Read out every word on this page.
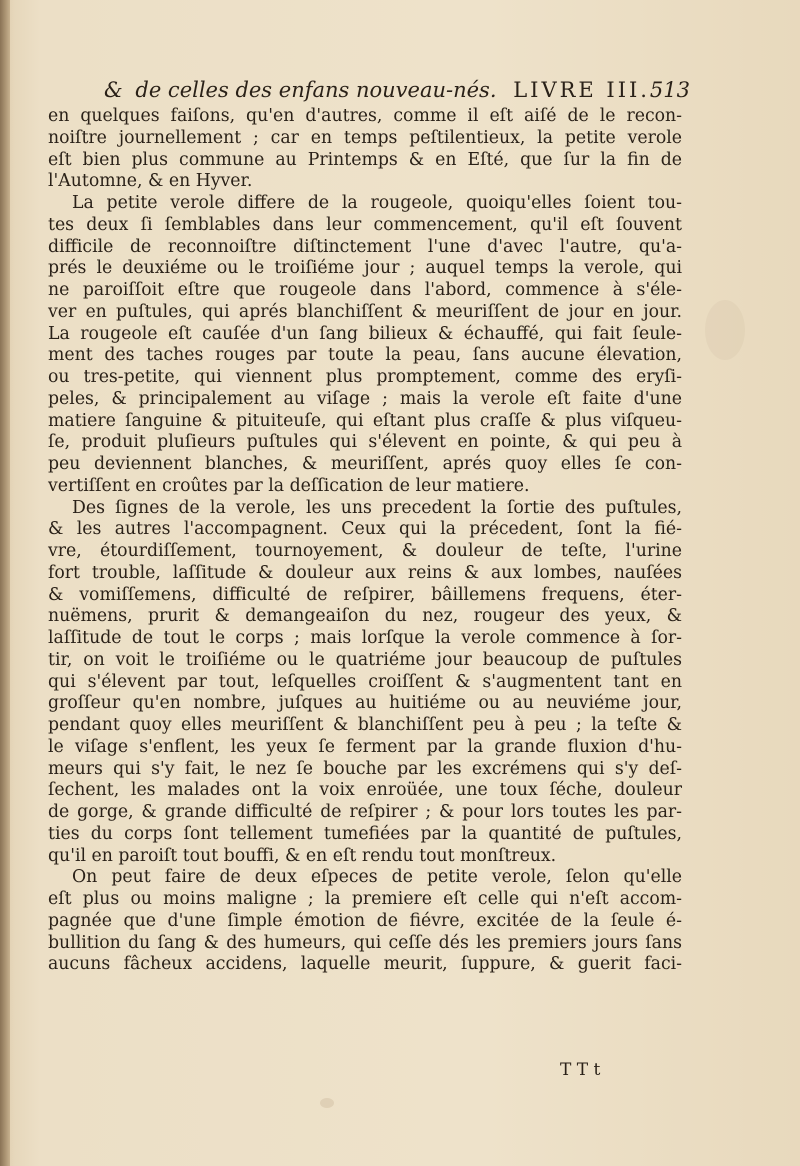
& de celles des enfans nouveau-nés. LIVRE III. 513
en quelques faiſons, qu'en d'autres, comme il eſt aiſé de le recon-
noiſtre journellement ; car en temps peſtilentieux, la petite verole
eſt bien plus commune au Printemps & en Eſté, que ſur la fin de
l'Automne, & en Hyver.
La petite verole differe de la rougeole, quoiqu'elles ſoient tou-
tes deux ſi ſemblables dans leur commencement, qu'il eſt ſouvent
difficile de reconnoiſtre diſtinctement l'une d'avec l'autre, qu'a-
prés le deuxiéme ou le troiſiéme jour ; auquel temps la verole, qui
ne paroiſſoit eſtre que rougeole dans l'abord, commence à s'éle-
ver en puſtules, qui aprés blanchiſſent & meuriſſent de jour en jour.
La rougeole eſt cauſée d'un ſang bilieux & échauffé, qui fait ſeule-
ment des taches rouges par toute la peau, ſans aucune élevation,
ou tres-petite, qui viennent plus promptement, comme des eryſi-
peles, & principalement au viſage ; mais la verole eſt faite d'une
matiere ſanguine & pituiteuſe, qui eſtant plus craſſe & plus viſqueu-
ſe, produit pluſieurs puſtules qui s'élevent en pointe, & qui peu à
peu deviennent blanches, & meuriſſent, aprés quoy elles ſe con-
vertiſſent en croûtes par la deſſication de leur matiere.
Des ſignes de la verole, les uns precedent la ſortie des puſtules,
& les autres l'accompagnent. Ceux qui la précedent, ſont la fié-
vre, étourdiſſement, tournoyement, & douleur de teſte, l'urine
fort trouble, laſſitude & douleur aux reins & aux lombes, nauſées
& vomiſſemens, difficulté de reſpirer, bâillemens frequens, éter-
nuëmens, prurit & demangeaiſon du nez, rougeur des yeux, &
laſſitude de tout le corps ; mais lorſque la verole commence à ſor-
tir, on voit le troiſiéme ou le quatriéme jour beaucoup de puſtules
qui s'élevent par tout, leſquelles croiſſent & s'augmentent tant en
groſſeur qu'en nombre, juſques au huitiéme ou au neuviéme jour,
pendant quoy elles meuriſſent & blanchiſſent peu à peu ; la teſte &
le viſage s'enflent, les yeux ſe ferment par la grande fluxion d'hu-
meurs qui s'y fait, le nez ſe bouche par les excrémens qui s'y deſ-
ſechent, les malades ont la voix enroüée, une toux ſéche, douleur
de gorge, & grande difficulté de reſpirer ; & pour lors toutes les par-
ties du corps ſont tellement tumefiées par la quantité de puſtules,
qu'il en paroiſt tout bouffi, & en eſt rendu tout monſtreux.
On peut faire de deux eſpeces de petite verole, ſelon qu'elle
eſt plus ou moins maligne ; la premiere eſt celle qui n'eſt accom-
pagnée que d'une ſimple émotion de fiévre, excitée de la ſeule é-
bullition du ſang & des humeurs, qui ceſſe dés les premiers jours ſans
aucuns fâcheux accidens, laquelle meurit, ſuppure, & guerit faci-
T T t
